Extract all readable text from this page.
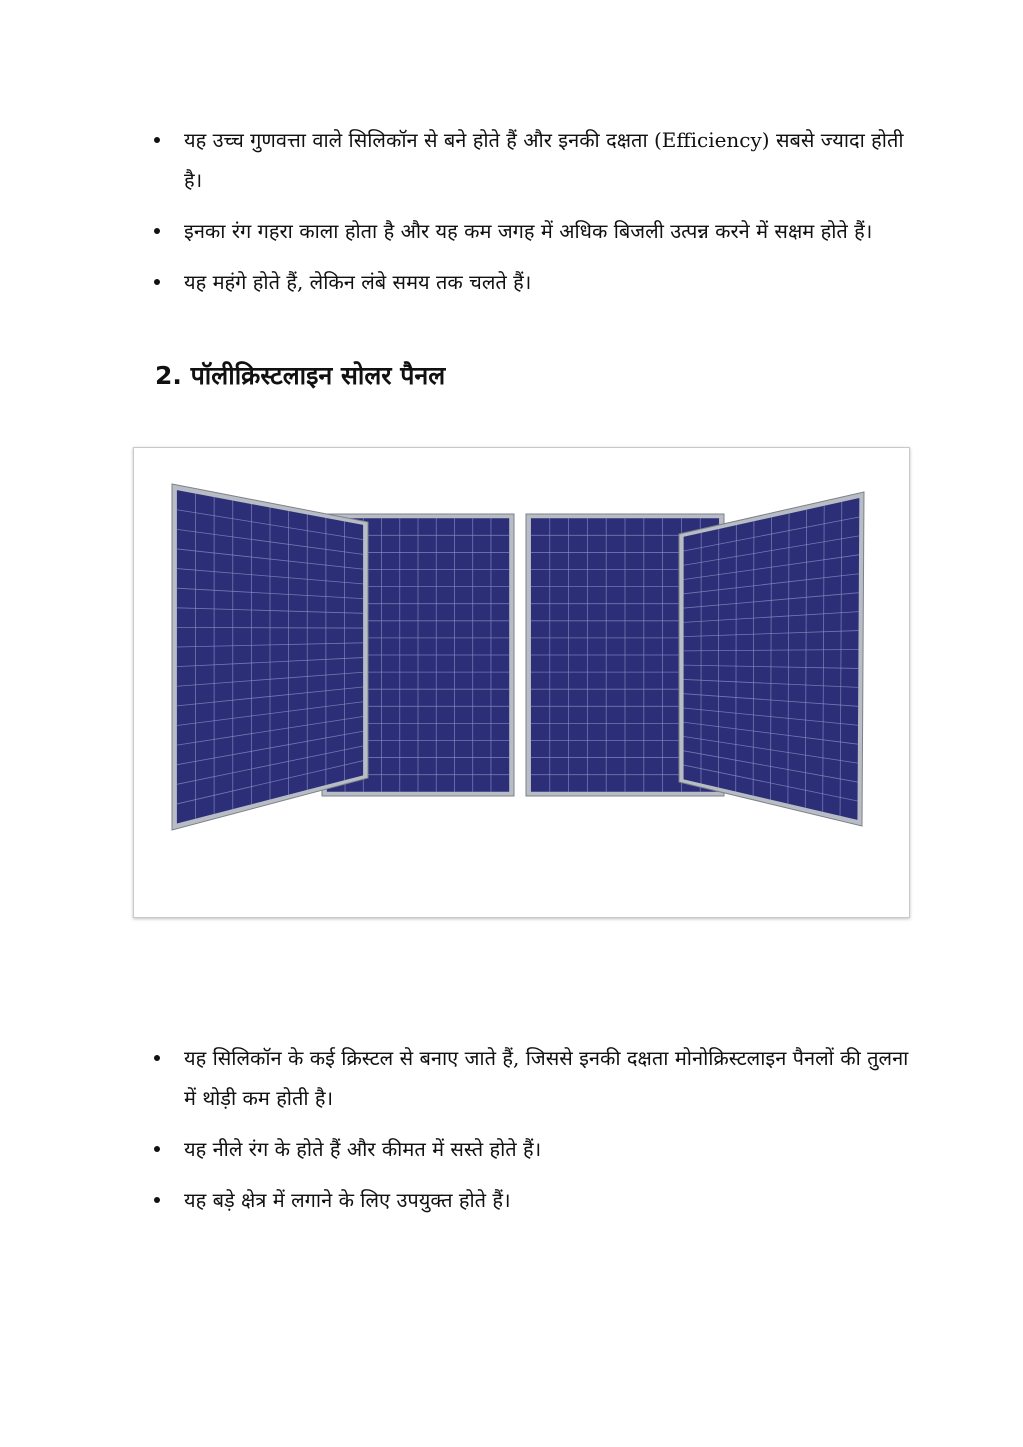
यह उच्च गुणवत्ता वाले सिलिकॉन से बने होते हैं और इनकी दक्षता (Efficiency) सबसे ज्यादा होती है।
इनका रंग गहरा काला होता है और यह कम जगह में अधिक बिजली उत्पन्न करने में सक्षम होते हैं।
यह महंगे होते हैं, लेकिन लंबे समय तक चलते हैं।
2. पॉलीक्रिस्टलाइन सोलर पैनल
यह सिलिकॉन के कई क्रिस्टल से बनाए जाते हैं, जिससे इनकी दक्षता मोनोक्रिस्टलाइन पैनलों की तुलना में थोड़ी कम होती है।
यह नीले रंग के होते हैं और कीमत में सस्ते होते हैं।
यह बड़े क्षेत्र में लगाने के लिए उपयुक्त होते हैं।
